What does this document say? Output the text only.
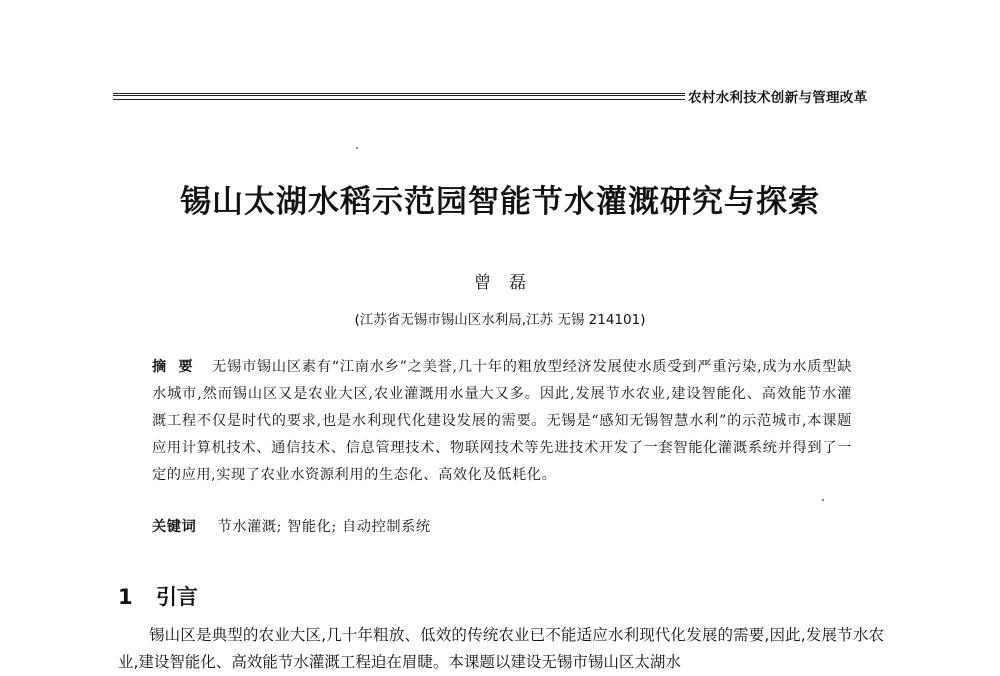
农村水利技术创新与管理改革
锡山太湖水稻示范园智能节水灌溉研究与探索
曾磊
(江苏省无锡市锡山区水利局,江苏 无锡 214101)
摘要 无锡市锡山区素有“江南水乡”之美誉,几十年的粗放型经济发展使水质受到严重污染,成为水质型缺水城市,然而锡山区又是农业大区,农业灌溉用水量大又多。因此,发展节水农业,建设智能化、高效能节水灌溉工程不仅是时代的要求,也是水利现代化建设发展的需要。无锡是“感知无锡智慧水利”的示范城市,本课题应用计算机技术、通信技术、信息管理技术、物联网技术等先进技术开发了一套智能化灌溉系统并得到了一定的应用,实现了农业水资源利用的生态化、高效化及低耗化。
关键词 节水灌溉; 智能化; 自动控制系统
1 引言
锡山区是典型的农业大区,几十年粗放、低效的传统农业已不能适应水利现代化发展的需要,因此,发展节水农业,建设智能化、高效能节水灌溉工程迫在眉睫。本课题以建设无锡市锡山区太湖水
